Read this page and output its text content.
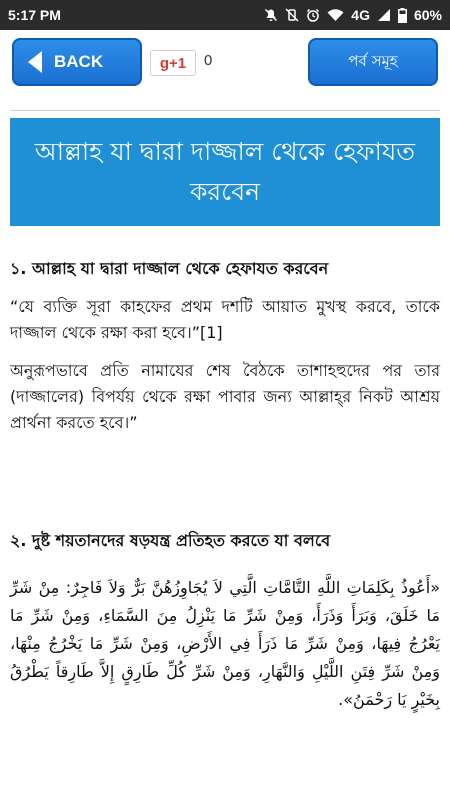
5:17 PM	4G	60%
BACK	g+1 0	পর্ব সমূহ
আল্লাহ যা দ্বারা দাজ্জাল থেকে হেফাযত করবেন
১. আল্লাহ যা দ্বারা দাজ্জাল থেকে হেফাযত করবেন

“যে ব্যক্তি সূরা কাহফের প্রথম দশটি আয়াত মুখস্থ করবে, তাকে দাজ্জাল থেকে রক্ষা করা হবে।”[1]

অনুরূপভাবে প্রতি নামাযের শেষ বৈঠকে তাশাহহুদের পর তার (দাজ্জালের) বিপর্যয় থেকে রক্ষা পাবার জন্য আল্লাহ্‌র নিকট আশ্রয় প্রার্থনা করতে হবে।”

২. দুষ্ট শয়তানদের ষড়যন্ত্র প্রতিহত করতে যা বলবে
«أَعُوذُ بِكَلِمَاتِ اللَّهِ التَّامَّاتِ الَّتِي لاَ يُجَاوِزُهُنَّ بَرٌّ وَلاَ فَاجِرٌ: مِنْ شَرِّ مَا خَلَقَ، وَبَرَأَ وَذَرَأَ، وَمِنْ شَرِّ مَا يَنْزِلُ مِنَ السَّمَاءِ، وَمِنْ شَرِّ مَا يَعْرُجُ فِيهَا، وَمِنْ شَرِّ مَا ذَرَأَ فِي الأَرْضِ، وَمِنْ شَرِّ مَا يَخْرُجُ مِنْهَا، وَمِنْ شَرِّ فِتَنِ اللَّيْلِ وَالنَّهَارِ، وَمِنْ شَرِّ كُلِّ طَارِقٍ إِلاَّ طَارِقاً يَطْرُقُ بِخَيْرٍ يَا رَحْمَنُ».
